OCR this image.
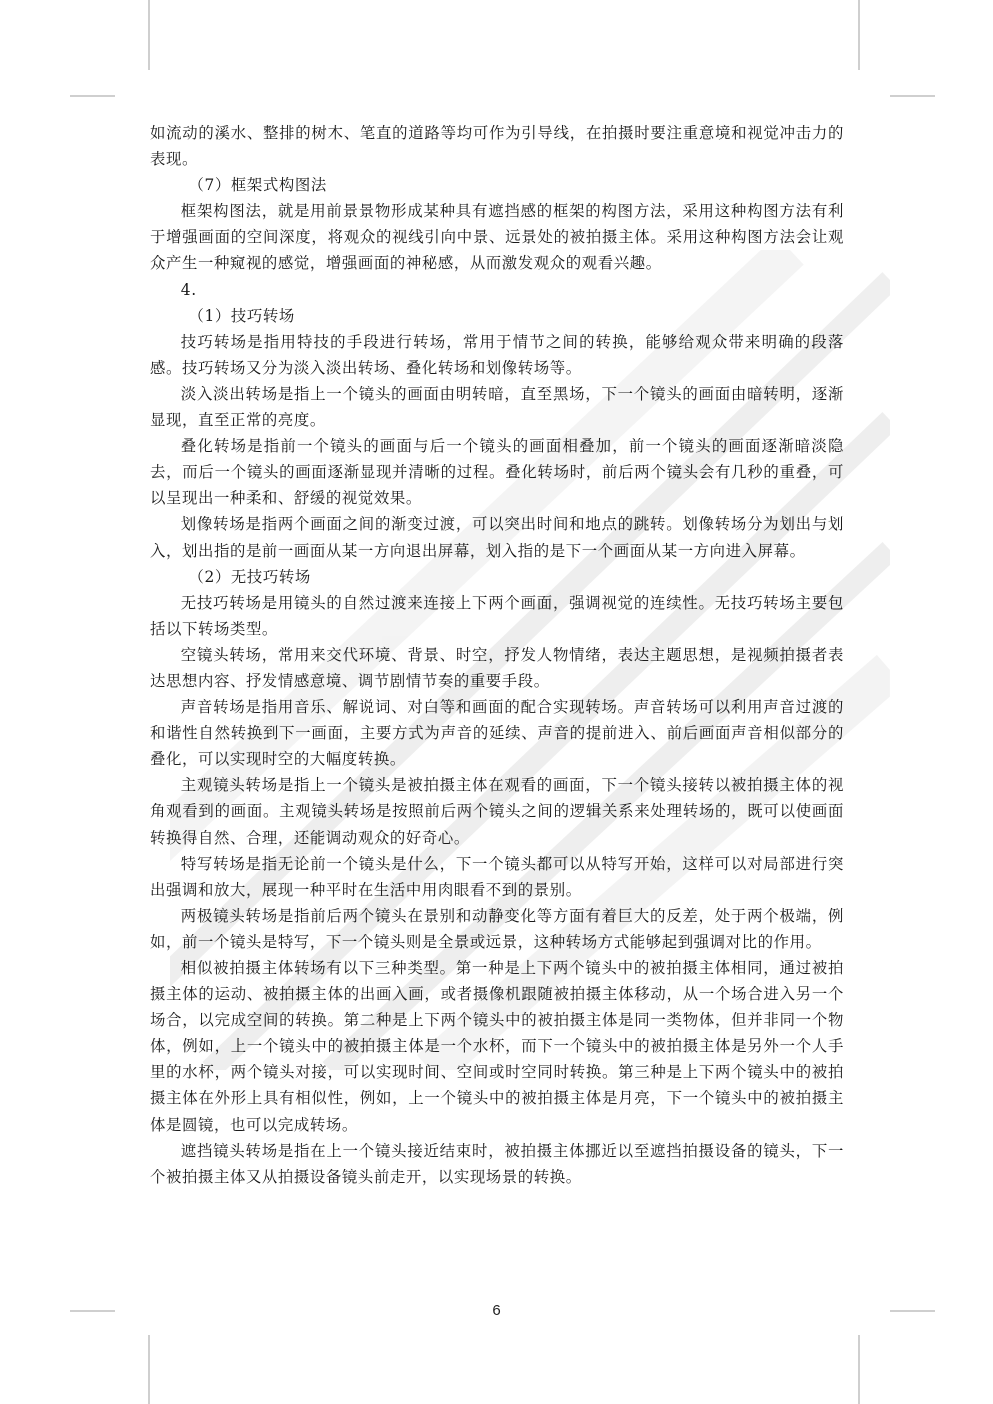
如流动的溪水、整排的树木、笔直的道路等均可作为引导线，在拍摄时要注重意境和视觉冲击力的表现。

（7）框架式构图法

框架构图法，就是用前景景物形成某种具有遮挡感的框架的构图方法，采用这种构图方法有利于增强画面的空间深度，将观众的视线引向中景、远景处的被拍摄主体。采用这种构图方法会让观众产生一种窥视的感觉，增强画面的神秘感，从而激发观众的观看兴趣。

4.

（1）技巧转场

技巧转场是指用特技的手段进行转场，常用于情节之间的转换，能够给观众带来明确的段落感。技巧转场又分为淡入淡出转场、叠化转场和划像转场等。

淡入淡出转场是指上一个镜头的画面由明转暗，直至黑场，下一个镜头的画面由暗转明，逐渐显现，直至正常的亮度。

叠化转场是指前一个镜头的画面与后一个镜头的画面相叠加，前一个镜头的画面逐渐暗淡隐去，而后一个镜头的画面逐渐显现并清晰的过程。叠化转场时，前后两个镜头会有几秒的重叠，可以呈现出一种柔和、舒缓的视觉效果。

划像转场是指两个画面之间的渐变过渡，可以突出时间和地点的跳转。划像转场分为划出与划入，划出指的是前一画面从某一方向退出屏幕，划入指的是下一个画面从某一方向进入屏幕。

（2）无技巧转场

无技巧转场是用镜头的自然过渡来连接上下两个画面，强调视觉的连续性。无技巧转场主要包括以下转场类型。

空镜头转场，常用来交代环境、背景、时空，抒发人物情绪，表达主题思想，是视频拍摄者表达思想内容、抒发情感意境、调节剧情节奏的重要手段。

声音转场是指用音乐、解说词、对白等和画面的配合实现转场。声音转场可以利用声音过渡的和谐性自然转换到下一画面，主要方式为声音的延续、声音的提前进入、前后画面声音相似部分的叠化，可以实现时空的大幅度转换。

主观镜头转场是指上一个镜头是被拍摄主体在观看的画面，下一个镜头接转以被拍摄主体的视角观看到的画面。主观镜头转场是按照前后两个镜头之间的逻辑关系来处理转场的，既可以使画面转换得自然、合理，还能调动观众的好奇心。

特写转场是指无论前一个镜头是什么，下一个镜头都可以从特写开始，这样可以对局部进行突出强调和放大，展现一种平时在生活中用肉眼看不到的景别。

两极镜头转场是指前后两个镜头在景别和动静变化等方面有着巨大的反差，处于两个极端，例如，前一个镜头是特写，下一个镜头则是全景或远景，这种转场方式能够起到强调对比的作用。

相似被拍摄主体转场有以下三种类型。第一种是上下两个镜头中的被拍摄主体相同，通过被拍摄主体的运动、被拍摄主体的出画入画，或者摄像机跟随被拍摄主体移动，从一个场合进入另一个场合，以完成空间的转换。第二种是上下两个镜头中的被拍摄主体是同一类物体，但并非同一个物体，例如，上一个镜头中的被拍摄主体是一个水杯，而下一个镜头中的被拍摄主体是另外一个人手里的水杯，两个镜头对接，可以实现时间、空间或时空同时转换。第三种是上下两个镜头中的被拍摄主体在外形上具有相似性，例如，上一个镜头中的被拍摄主体是月亮，下一个镜头中的被拍摄主体是圆镜，也可以完成转场。

遮挡镜头转场是指在上一个镜头接近结束时，被拍摄主体挪近以至遮挡拍摄设备的镜头，下一个被拍摄主体又从拍摄设备镜头前走开，以实现场景的转换。

6
